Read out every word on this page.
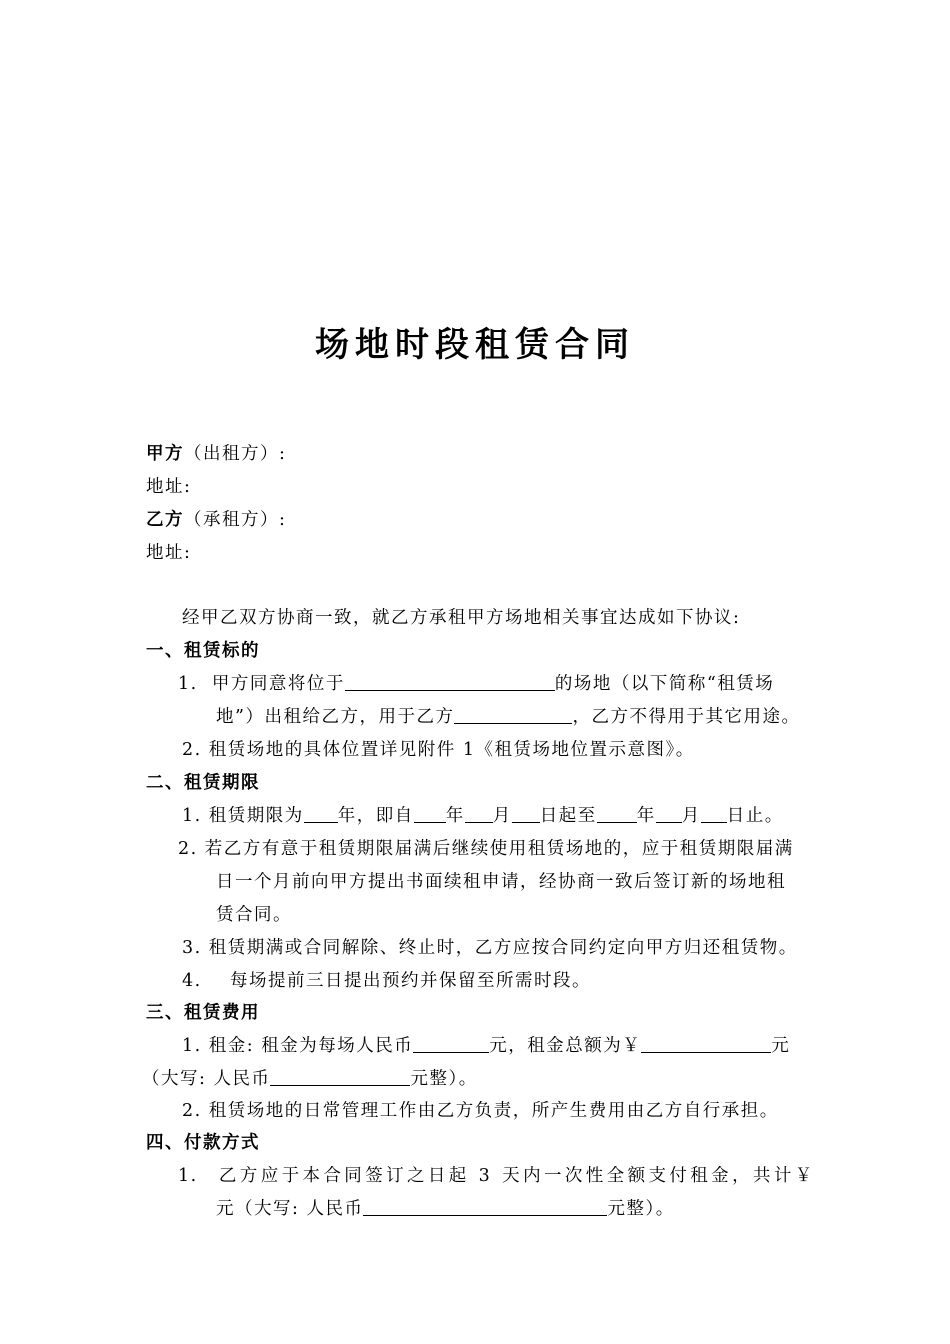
场地时段租赁合同
甲方（出租方）:
地址:
乙方（承租方）:
地址:
经甲乙双方协商一致，就乙方承租甲方场地相关事宜达成如下协议:
一、租赁标的
1. 甲方同意将位于	的场地（以下简称“租赁场
地”）出租给乙方，用于乙方	，乙方不得用于其它用途。
2. 租赁场地的具体位置详见附件 1《租赁场地位置示意图》。
二、租赁期限
1. 租赁期限为 年，即自 年 月 日起至 年 月 日止。
2. 若乙方有意于租赁期限届满后继续使用租赁场地的，应于租赁期限届满
日一个月前向甲方提出书面续租申请，经协商一致后签订新的场地租
赁合同。
3. 租赁期满或合同解除、终止时，乙方应按合同约定向甲方归还租赁物。
4. 每场提前三日提出预约并保留至所需时段。
三、租赁费用
1. 租金: 租金为每场人民币	元，租金总额为￥	元
（大写: 人民币	元整）。
2. 租赁场地的日常管理工作由乙方负责，所产生费用由乙方自行承担。
四、付款方式
1. 乙方应于本合同签订之日起 3 天内一次性全额支付租金，共计￥
元（大写: 人民币	元整）。
